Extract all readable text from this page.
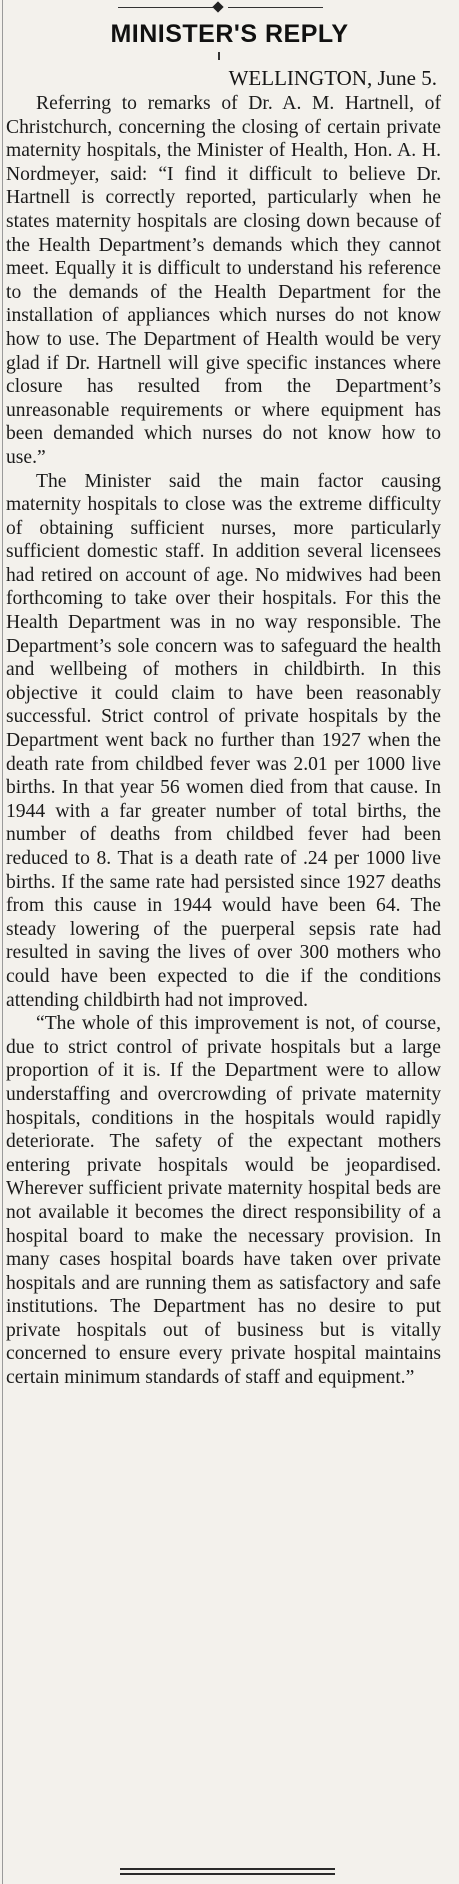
MINISTER'S REPLY
WELLINGTON, June 5.

Referring to remarks of Dr. A. M. Hartnell, of Christchurch, concerning the closing of certain private maternity hospitals, the Minister of Health, Hon. A. H. Nordmeyer, said: “I find it difficult to believe Dr. Hartnell is correctly reported, particularly when he states maternity hospitals are closing down because of the Health Department’s demands which they cannot meet. Equally it is difficult to understand his reference to the demands of the Health Department for the installation of appliances which nurses do not know how to use. The Department of Health would be very glad if Dr. Hartnell will give specific instances where closure has resulted from the Department’s unreasonable requirements or where equipment has been demanded which nurses do not know how to use.”

The Minister said the main factor causing maternity hospitals to close was the extreme difficulty of obtaining sufficient nurses, more particularly sufficient domestic staff. In addition several licensees had retired on account of age. No midwives had been forthcoming to take over their hospitals. For this the Health Department was in no way responsible. The Department’s sole concern was to safeguard the health and wellbeing of mothers in childbirth. In this objective it could claim to have been reasonably successful. Strict control of private hospitals by the Department went back no further than 1927 when the death rate from childbed fever was 2.01 per 1000 live births. In that year 56 women died from that cause. In 1944 with a far greater number of total births, the number of deaths from childbed fever had been reduced to 8. That is a death rate of .24 per 1000 live births. If the same rate had persisted since 1927 deaths from this cause in 1944 would have been 64. The steady lowering of the puerperal sepsis rate had resulted in saving the lives of over 300 mothers who could have been expected to die if the conditions attending childbirth had not improved.

“The whole of this improvement is not, of course, due to strict control of private hospitals but a large proportion of it is. If the Department were to allow understaffing and overcrowding of private maternity hospitals, conditions in the hospitals would rapidly deteriorate. The safety of the expectant mothers entering private hospitals would be jeopardised. Wherever sufficient private maternity hospital beds are not available it becomes the direct responsibility of a hospital board to make the necessary provision. In many cases hospital boards have taken over private hospitals and are running them as satisfactory and safe institutions. The Department has no desire to put private hospitals out of business but is vitally concerned to ensure every private hospital maintains certain minimum standards of staff and equipment.”
